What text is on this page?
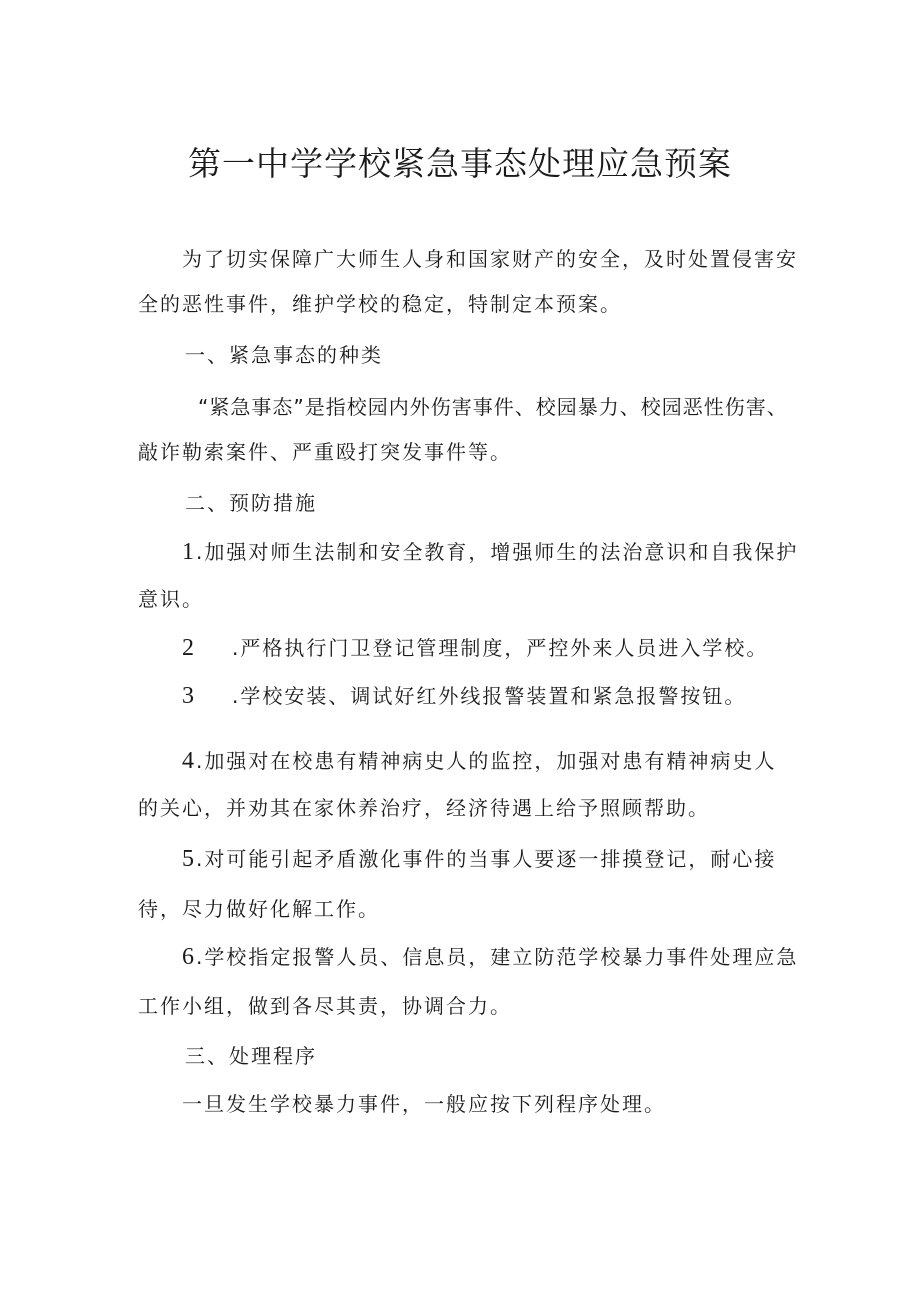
第一中学学校紧急事态处理应急预案

为了切实保障广大师生人身和国家财产的安全，及时处置侵害安

全的恶性事件，维护学校的稳定，特制定本预案。

一、紧急事态的种类

“紧急事态”是指校园内外伤害事件、校园暴力、校园恶性伤害、

敲诈勒索案件、严重殴打突发事件等。

二、预防措施

1.加强对师生法制和安全教育，增强师生的法治意识和自我保护

意识。

2 .严格执行门卫登记管理制度，严控外来人员进入学校。

3 .学校安装、调试好红外线报警装置和紧急报警按钮。

4.加强对在校患有精神病史人的监控，加强对患有精神病史人

的关心，并劝其在家休养治疗，经济待遇上给予照顾帮助。

5.对可能引起矛盾激化事件的当事人要逐一排摸登记，耐心接

待，尽力做好化解工作。

6.学校指定报警人员、信息员，建立防范学校暴力事件处理应急

工作小组，做到各尽其责，协调合力。

三、处理程序

一旦发生学校暴力事件，一般应按下列程序处理。
